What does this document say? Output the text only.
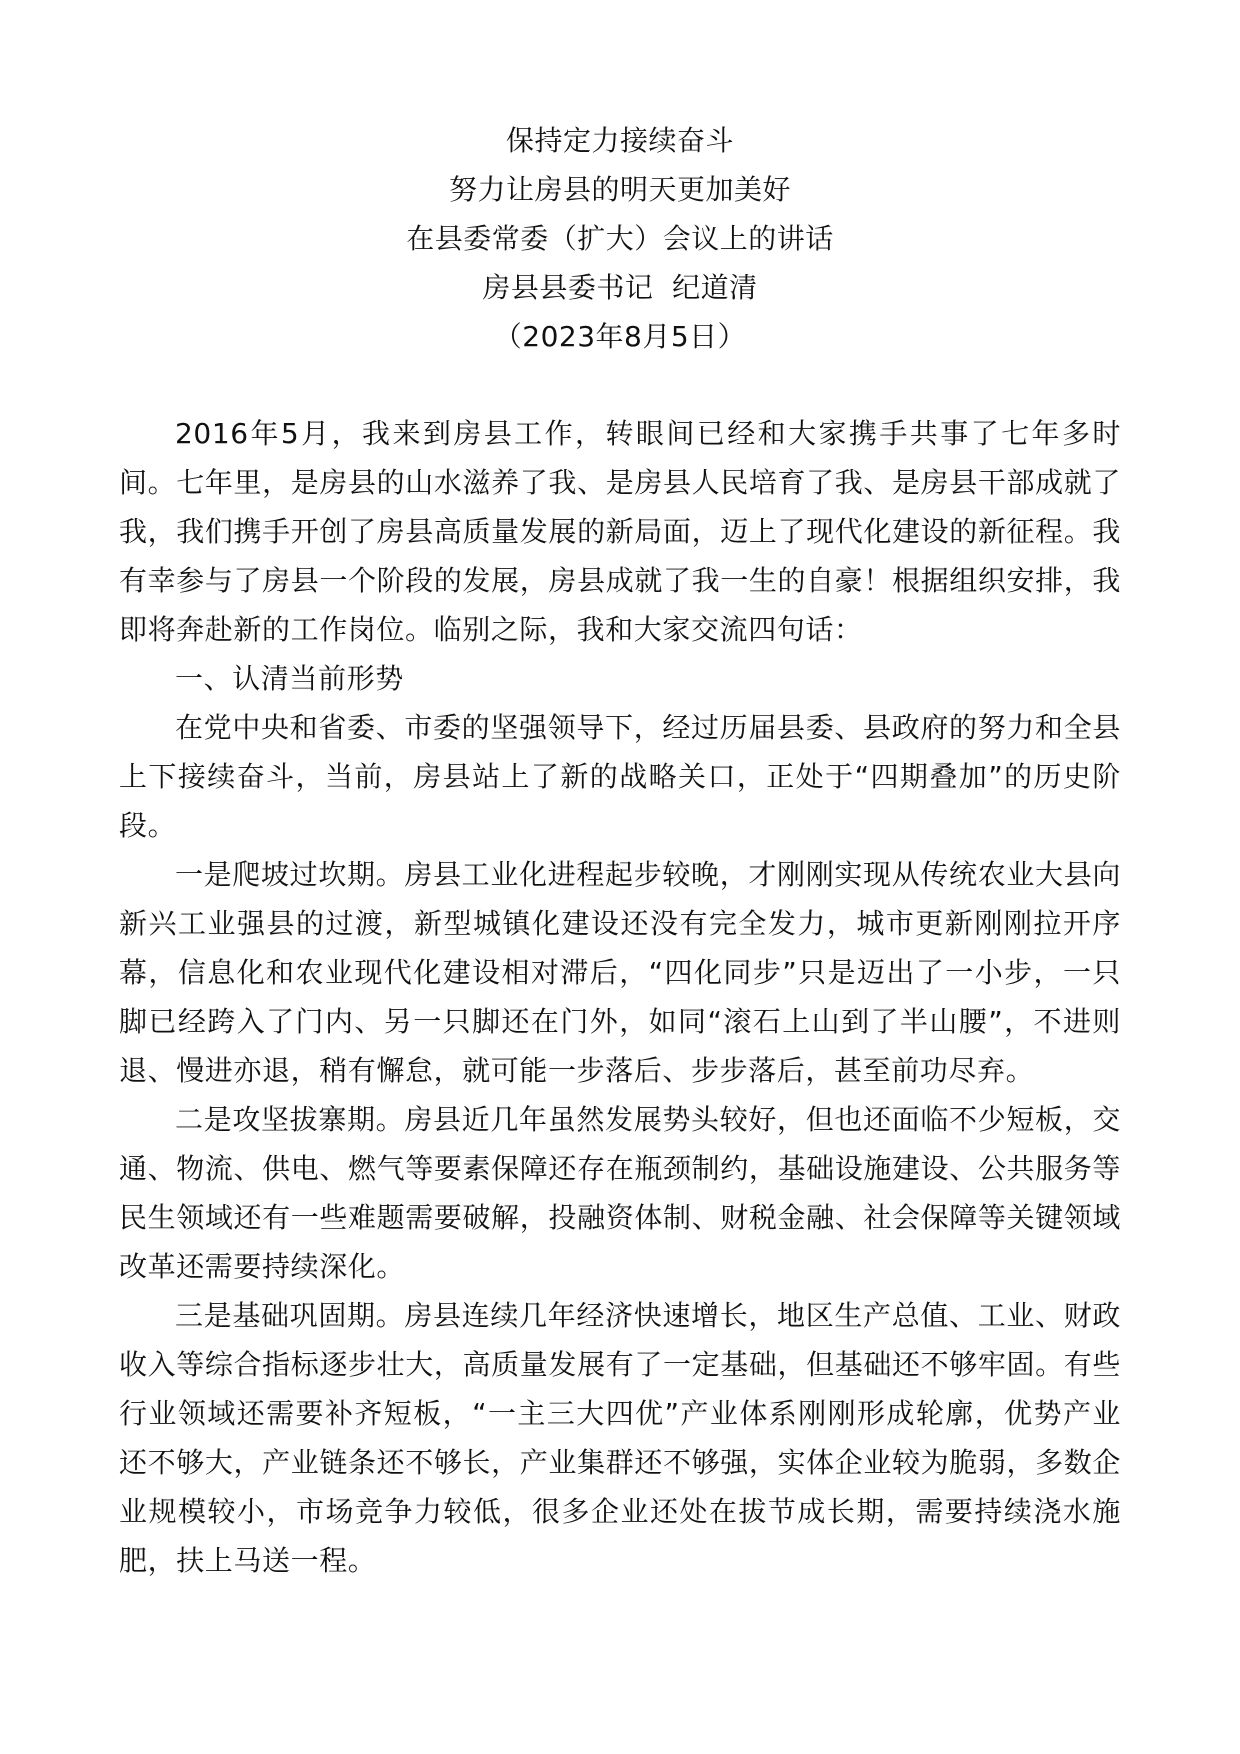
保持定力接续奋斗
努力让房县的明天更加美好
在县委常委（扩大）会议上的讲话
房县县委书记  纪道清
（2023年8月5日）

2016年5月，我来到房县工作，转眼间已经和大家携手共事了七年多时间。七年里，是房县的山水滋养了我、是房县人民培育了我、是房县干部成就了我，我们携手开创了房县高质量发展的新局面，迈上了现代化建设的新征程。我有幸参与了房县一个阶段的发展，房县成就了我一生的自豪！根据组织安排，我即将奔赴新的工作岗位。临别之际，我和大家交流四句话：

一、认清当前形势

在党中央和省委、市委的坚强领导下，经过历届县委、县政府的努力和全县上下接续奋斗，当前，房县站上了新的战略关口，正处于“四期叠加”的历史阶段。

一是爬坡过坎期。房县工业化进程起步较晚，才刚刚实现从传统农业大县向新兴工业强县的过渡，新型城镇化建设还没有完全发力，城市更新刚刚拉开序幕，信息化和农业现代化建设相对滞后，“四化同步”只是迈出了一小步，一只脚已经跨入了门内、另一只脚还在门外，如同“滚石上山到了半山腰”，不进则退、慢进亦退，稍有懈怠，就可能一步落后、步步落后，甚至前功尽弃。

二是攻坚拔寨期。房县近几年虽然发展势头较好，但也还面临不少短板，交通、物流、供电、燃气等要素保障还存在瓶颈制约，基础设施建设、公共服务等民生领域还有一些难题需要破解，投融资体制、财税金融、社会保障等关键领域改革还需要持续深化。

三是基础巩固期。房县连续几年经济快速增长，地区生产总值、工业、财政收入等综合指标逐步壮大，高质量发展有了一定基础，但基础还不够牢固。有些行业领域还需要补齐短板，“一主三大四优”产业体系刚刚形成轮廓，优势产业还不够大，产业链条还不够长，产业集群还不够强，实体企业较为脆弱，多数企业规模较小，市场竞争力较低，很多企业还处在拔节成长期，需要持续浇水施肥，扶上马送一程。
